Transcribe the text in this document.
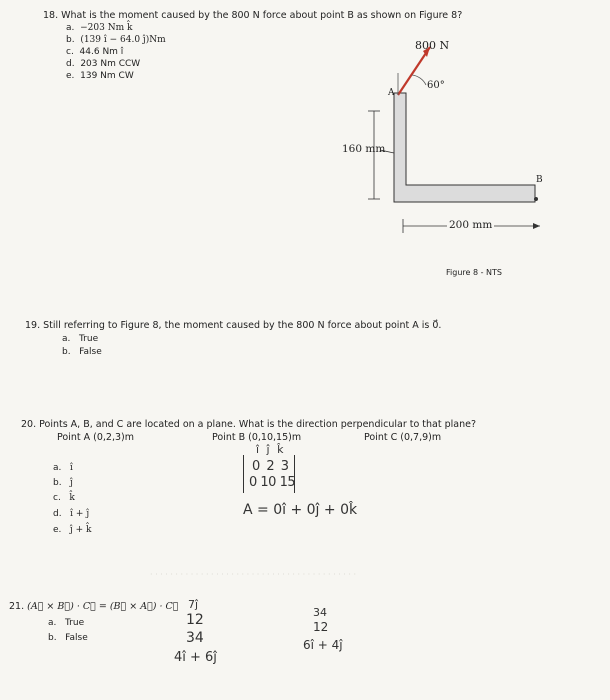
18. What is the moment caused by the 800 N force about point B as shown on Figure 8?
a. −203 Nm k̂
b. (139 î − 64.0 ĵ)Nm
c. 44.6 Nm î
d. 203 Nm CCW
e. 139 Nm CW
800 N
60°
A
B
160 mm
200 mm
Figure 8 - NTS
19. Still referring to Figure 8, the moment caused by the 800 N force about point A is 0⃗.
a. True
b. False
20. Points A, B, and C are located on a plane. What is the direction perpendicular to that plane?
Point A (0,2,3)m	Point B (0,10,15)m	Point C (0,7,9)m
a. î
b. ĵ
c. k̂
d. î + ĵ
e. ĵ + k̂
î ĵ k̂
0 2 3
0 10 15
A = 0î + 0ĵ + 0k̂
· · · · · · · · · · · · · · · · · · · · · · · · · · · · · · · · · · · · · · · · ·
21. (A⃗ × B⃗) · C⃗ = (B⃗ × A⃗) · C⃗
a. True
b. False
7ĵ
12
34
4î + 6ĵ
34
12
6î + 4ĵ
